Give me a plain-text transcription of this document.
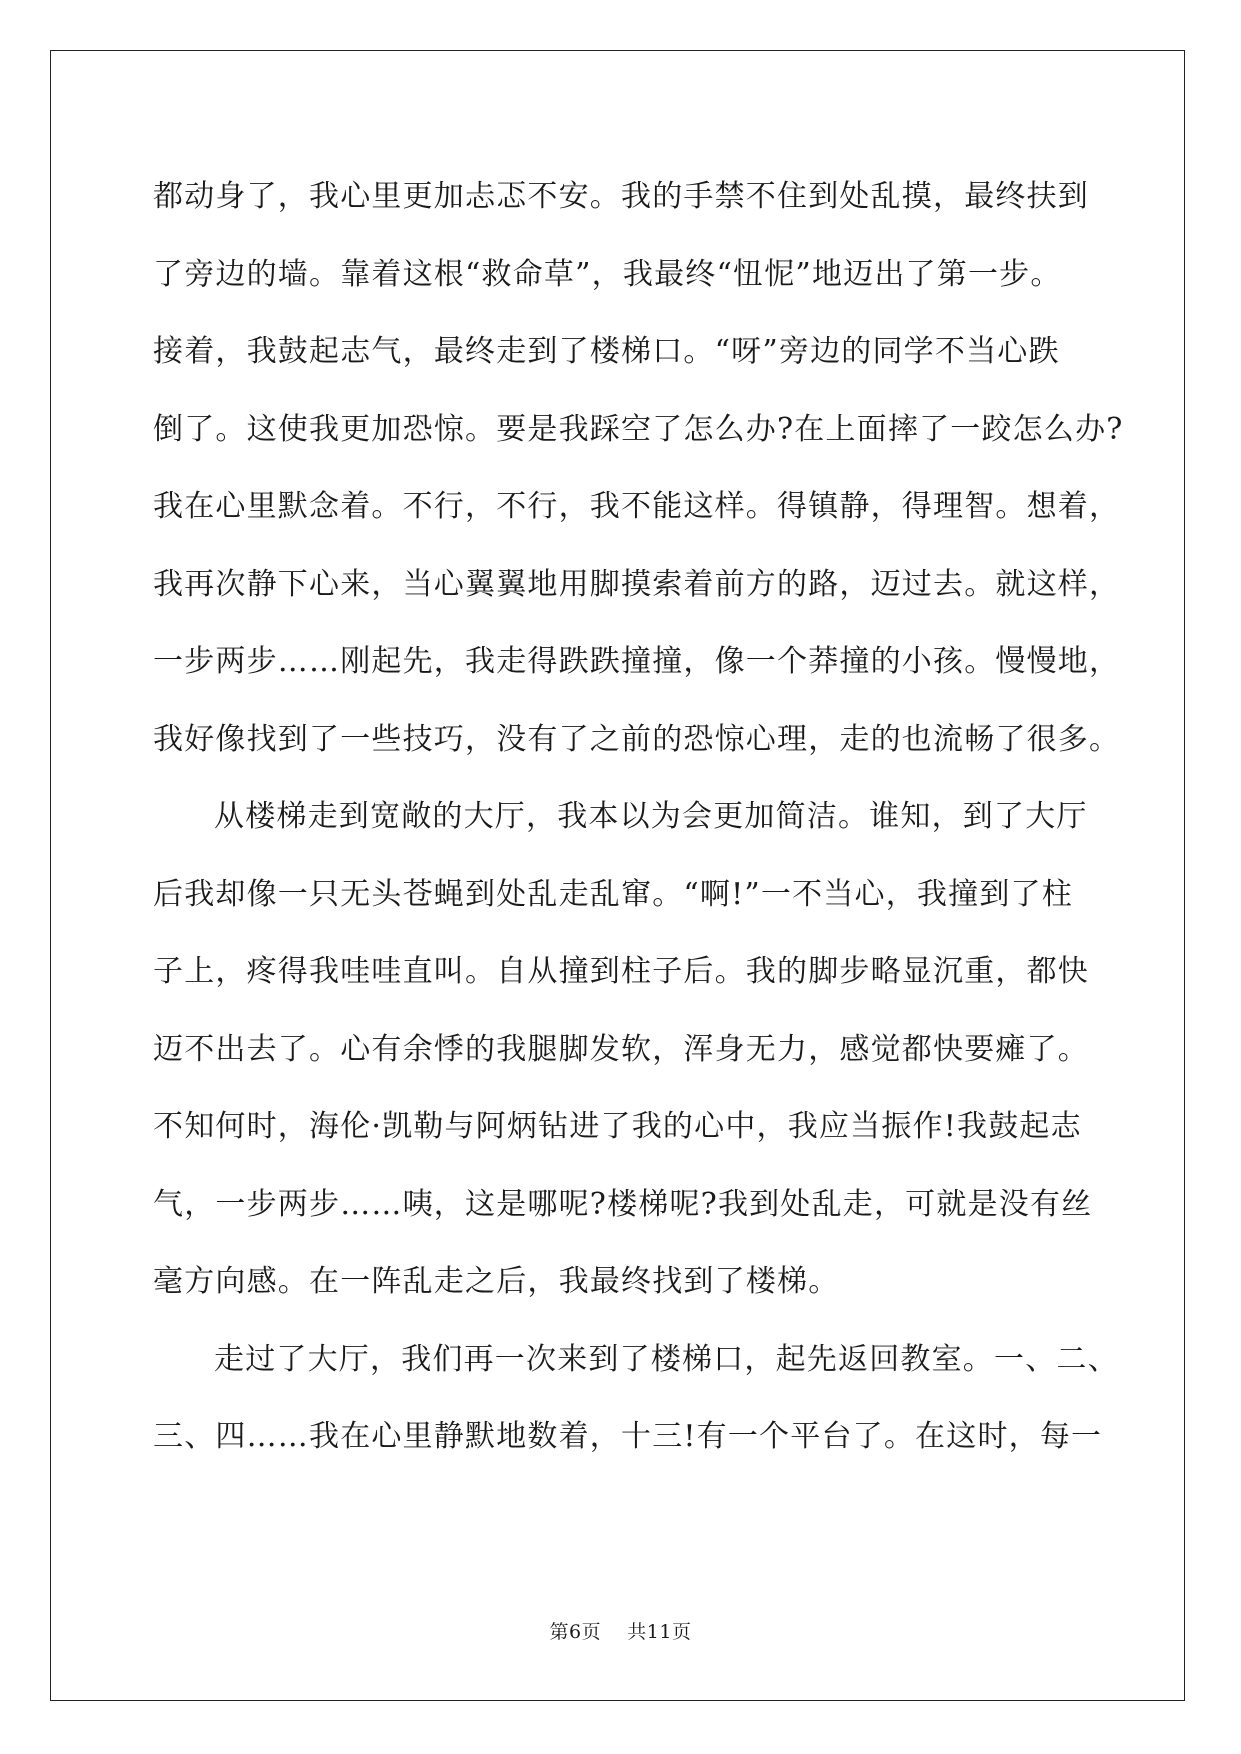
都动身了，我心里更加忐忑不安。我的手禁不住到处乱摸，最终扶到
了旁边的墙。靠着这根“救命草”，我最终“忸怩”地迈出了第一步。
接着，我鼓起志气，最终走到了楼梯口。“呀”旁边的同学不当心跌
倒了。这使我更加恐惊。要是我踩空了怎么办?在上面摔了一跤怎么办?
我在心里默念着。不行，不行，我不能这样。得镇静，得理智。想着，
我再次静下心来，当心翼翼地用脚摸索着前方的路，迈过去。就这样，
一步两步……刚起先，我走得跌跌撞撞，像一个莽撞的小孩。慢慢地，
我好像找到了一些技巧，没有了之前的恐惊心理，走的也流畅了很多。
从楼梯走到宽敞的大厅，我本以为会更加简洁。谁知，到了大厅
后我却像一只无头苍蝇到处乱走乱窜。“啊!”一不当心，我撞到了柱
子上，疼得我哇哇直叫。自从撞到柱子后。我的脚步略显沉重，都快
迈不出去了。心有余悸的我腿脚发软，浑身无力，感觉都快要瘫了。
不知何时，海伦·凯勒与阿炳钻进了我的心中，我应当振作!我鼓起志
气，一步两步……咦，这是哪呢?楼梯呢?我到处乱走，可就是没有丝
毫方向感。在一阵乱走之后，我最终找到了楼梯。
走过了大厅，我们再一次来到了楼梯口，起先返回教室。一、二、
三、四……我在心里静默地数着，十三!有一个平台了。在这时，每一
第6页 共11页
